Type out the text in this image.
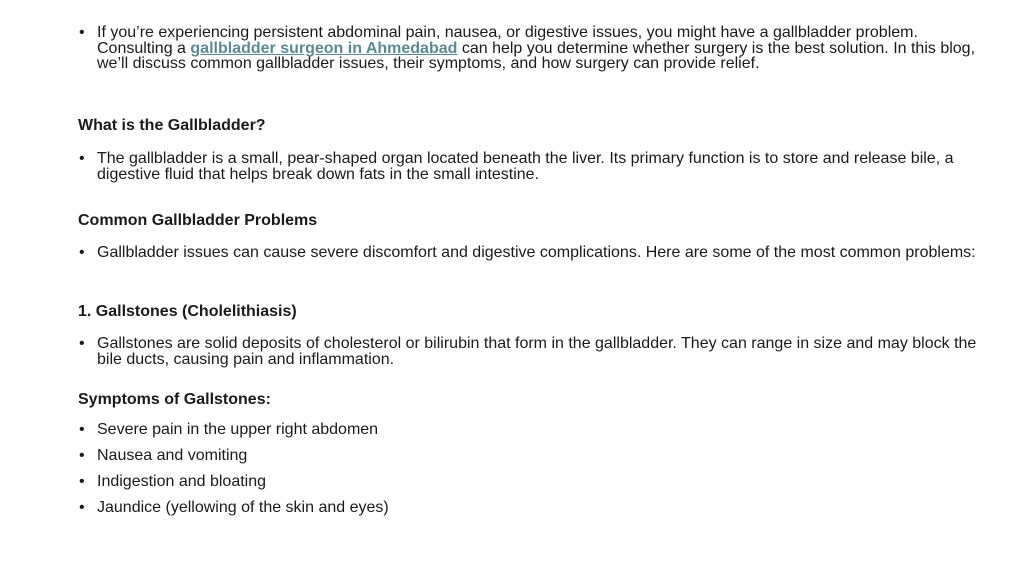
• If you’re experiencing persistent abdominal pain, nausea, or digestive issues, you might have a gallbladder problem. Consulting a gallbladder surgeon in Ahmedabad can help you determine whether surgery is the best solution. In this blog, we’ll discuss common gallbladder issues, their symptoms, and how surgery can provide relief.
What is the Gallbladder?
• The gallbladder is a small, pear-shaped organ located beneath the liver. Its primary function is to store and release bile, a digestive fluid that helps break down fats in the small intestine.
Common Gallbladder Problems
• Gallbladder issues can cause severe discomfort and digestive complications. Here are some of the most common problems:
1. Gallstones (Cholelithiasis)
• Gallstones are solid deposits of cholesterol or bilirubin that form in the gallbladder. They can range in size and may block the bile ducts, causing pain and inflammation.
Symptoms of Gallstones:
• Severe pain in the upper right abdomen
• Nausea and vomiting
• Indigestion and bloating
• Jaundice (yellowing of the skin and eyes)
